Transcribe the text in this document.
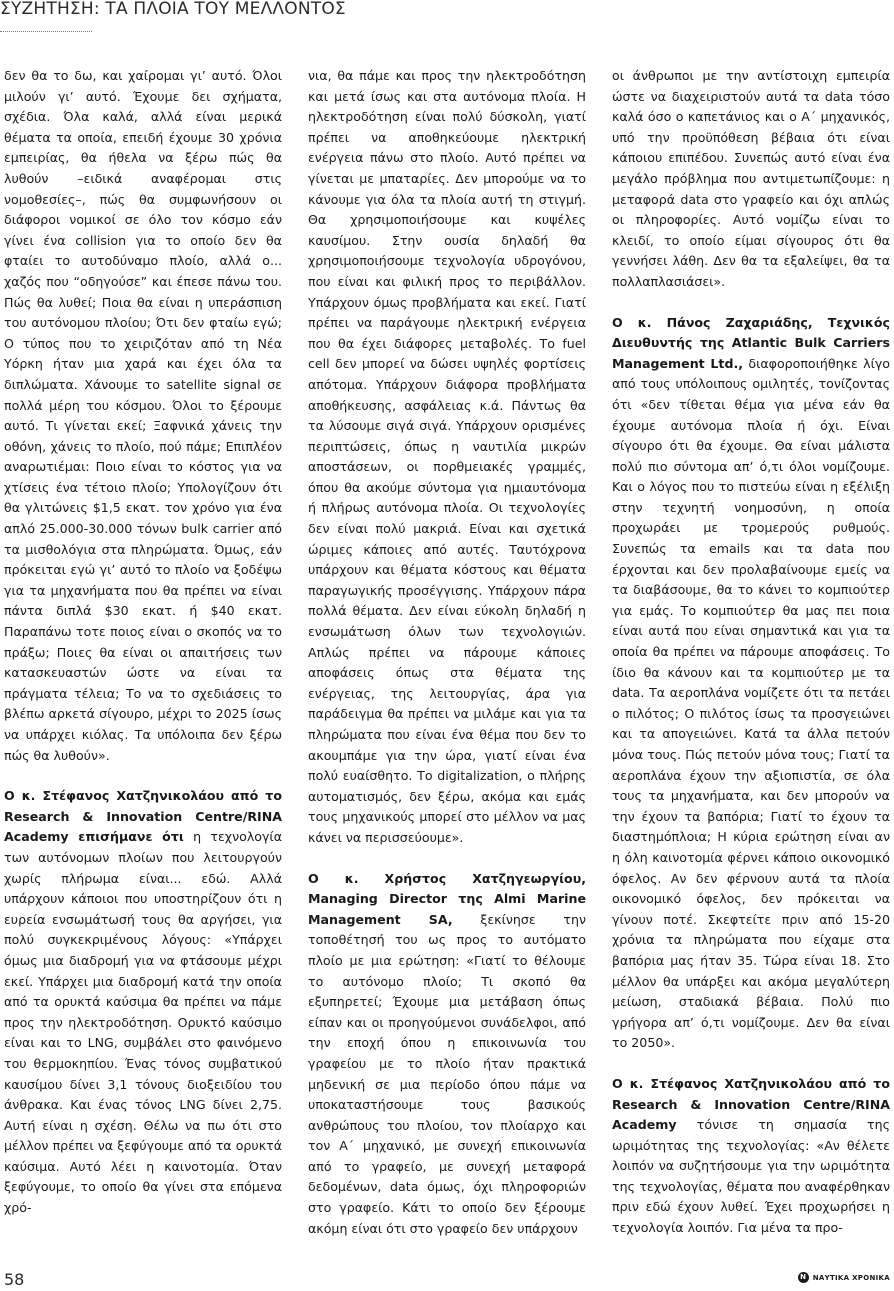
ΣΥΖΗΤΗΣΗ: ΤΑ ΠΛΟΙΑ ΤΟΥ ΜΕΛΛΟΝΤΟΣ

δεν θα το δω, και χαίρομαι γι’ αυτό. Όλοι μιλούν γι’ αυτό. Έχουμε δει σχήματα, σχέδια. Όλα καλά, αλλά είναι μερικά θέματα τα οποία, επειδή έχουμε 30 χρόνια εμπειρίας, θα ήθελα να ξέρω πώς θα λυθούν –ειδικά αναφέρομαι στις νομοθεσίες–, πώς θα συμφωνήσουν οι διάφοροι νομικοί σε όλο τον κόσμο εάν γίνει ένα collision για το οποίο δεν θα φταίει το αυτοδύναμο πλοίο, αλλά ο... χαζός που “οδηγούσε” και έπεσε πάνω του. Πώς θα λυθεί; Ποια θα είναι η υπεράσπιση του αυτόνομου πλοίου; Ότι δεν φταίω εγώ; Ο τύπος που το χειριζόταν από τη Νέα Υόρκη ήταν μια χαρά και έχει όλα τα διπλώματα. Χάνουμε το satellite signal σε πολλά μέρη του κόσμου. Όλοι το ξέρουμε αυτό. Τι γίνεται εκεί; Ξαφνικά χάνεις την οθόνη, χάνεις το πλοίο, πού πάμε; Επιπλέον αναρωτιέμαι: Ποιο είναι το κόστος για να χτίσεις ένα τέτοιο πλοίο; Υπολογίζουν ότι θα γλιτώνεις $1,5 εκατ. τον χρόνο για ένα απλό 25.000-30.000 τόνων bulk carrier από τα μισθολόγια στα πληρώματα. Όμως, εάν πρόκειται εγώ γι’ αυτό το πλοίο να ξοδέψω για τα μηχανήματα που θα πρέπει να είναι πάντα διπλά $30 εκατ. ή $40 εκατ. Παραπάνω τοτε ποιος είναι ο σκοπός να το πράξω; Ποιες θα είναι οι απαιτήσεις των κατασκευαστών ώστε να είναι τα πράγματα τέλεια; Το να το σχεδιάσεις το βλέπω αρκετά σίγουρο, μέχρι το 2025 ίσως να υπάρχει κιόλας. Τα υπόλοιπα δεν ξέρω πώς θα λυθούν».

Ο κ. Στέφανος Χατζηνικολάου από το Research & Innovation Centre/RINA Academy επισήμανε ότι η τεχνολογία των αυτόνομων πλοίων που λειτουργούν χωρίς πλήρωμα είναι... εδώ. Αλλά υπάρχουν κάποιοι που υποστηρίζουν ότι η ευρεία ενσωμάτωσή τους θα αργήσει, για πολύ συγκεκριμένους λόγους: «Υπάρχει όμως μια διαδρομή για να φτάσουμε μέχρι εκεί. Υπάρχει μια διαδρομή κατά την οποία από τα ορυκτά καύσιμα θα πρέπει να πάμε προς την ηλεκτροδότηση. Ορυκτό καύσιμο είναι και το LNG, συμβάλει στο φαινόμενο του θερμοκηπίου. Ένας τόνος συμβατικού καυσίμου δίνει 3,1 τόνους διοξειδίου του άνθρακα. Και ένας τόνος LNG δίνει 2,75. Αυτή είναι η σχέση. Θέλω να πω ότι στο μέλλον πρέπει να ξεφύγουμε από τα ορυκτά καύσιμα. Αυτό λέει η καινοτομία. Όταν ξεφύγουμε, το οποίο θα γίνει στα επόμενα χρό-

νια, θα πάμε και προς την ηλεκτροδότηση και μετά ίσως και στα αυτόνομα πλοία. Η ηλεκτροδότηση είναι πολύ δύσκολη, γιατί πρέπει να αποθηκεύουμε ηλεκτρική ενέργεια πάνω στο πλοίο. Αυτό πρέπει να γίνεται με μπαταρίες. Δεν μπορούμε να το κάνουμε για όλα τα πλοία αυτή τη στιγμή. Θα χρησιμοποιήσουμε και κυψέλες καυσίμου. Στην ουσία δηλαδή θα χρησιμοποιήσουμε τεχνολογία υδρογόνου, που είναι και φιλική προς το περιβάλλον. Υπάρχουν όμως προβλήματα και εκεί. Γιατί πρέπει να παράγουμε ηλεκτρική ενέργεια που θα έχει διάφορες μεταβολές. Το fuel cell δεν μπορεί να δώσει υψηλές φορτίσεις απότομα. Υπάρχουν διάφορα προβλήματα αποθήκευσης, ασφάλειας κ.ά. Πάντως θα τα λύσουμε σιγά σιγά. Υπάρχουν ορισμένες περιπτώσεις, όπως η ναυτιλία μικρών αποστάσεων, οι πορθμειακές γραμμές, όπου θα ακούμε σύντομα για ημιαυτόνομα ή πλήρως αυτόνομα πλοία. Οι τεχνολογίες δεν είναι πολύ μακριά. Είναι και σχετικά ώριμες κάποιες από αυτές. Ταυτόχρονα υπάρχουν και θέματα κόστους και θέματα παραγωγικής προσέγγισης. Υπάρχουν πάρα πολλά θέματα. Δεν είναι εύκολη δηλαδή η ενσωμάτωση όλων των τεχνολογιών. Απλώς πρέπει να πάρουμε κάποιες αποφάσεις όπως στα θέματα της ενέργειας, της λειτουργίας, άρα για παράδειγμα θα πρέπει να μιλάμε και για τα πληρώματα που είναι ένα θέμα που δεν το ακουμπάμε για την ώρα, γιατί είναι ένα πολύ ευαίσθητο. Το digitalization, ο πλήρης αυτοματισμός, δεν ξέρω, ακόμα και εμάς τους μηχανικούς μπορεί στο μέλλον να μας κάνει να περισσεύουμε».

Ο κ. Χρήστος Χατζηγεωργίου, Managing Director της Almi Marine Management SA, ξεκίνησε την τοποθέτησή του ως προς το αυτόματο πλοίο με μια ερώτηση: «Γιατί το θέλουμε το αυτόνομο πλοίο; Τι σκοπό θα εξυπηρετεί; Έχουμε μια μετάβαση όπως είπαν και οι προηγούμενοι συνάδελφοι, από την εποχή όπου η επικοινωνία του γραφείου με το πλοίο ήταν πρακτικά μηδενική σε μια περίοδο όπου πάμε να υποκαταστήσουμε τους βασικούς ανθρώπους του πλοίου, τον πλοίαρχο και τον Α΄ μηχανικό, με συνεχή επικοινωνία από το γραφείο, με συνεχή μεταφορά δεδομένων, data όμως, όχι πληροφοριών στο γραφείο. Κάτι το οποίο δεν ξέρουμε ακόμη είναι ότι στο γραφείο δεν υπάρχουν

οι άνθρωποι με την αντίστοιχη εμπειρία ώστε να διαχειριστούν αυτά τα data τόσο καλά όσο ο καπετάνιος και ο Α΄ μηχανικός, υπό την προϋπόθεση βέβαια ότι είναι κάποιου επιπέδου. Συνεπώς αυτό είναι ένα μεγάλο πρόβλημα που αντιμετωπίζουμε: η μεταφορά data στο γραφείο και όχι απλώς οι πληροφορίες. Αυτό νομίζω είναι το κλειδί, το οποίο είμαι σίγουρος ότι θα γεννήσει λάθη. Δεν θα τα εξαλείψει, θα τα πολλαπλασιάσει».

Ο κ. Πάνος Ζαχαριάδης, Τεχνικός Διευθυντής της Atlantic Bulk Carriers Management Ltd., διαφοροποιήθηκε λίγο από τους υπόλοιπους ομιλητές, τονίζοντας ότι «δεν τίθεται θέμα για μένα εάν θα έχουμε αυτόνομα πλοία ή όχι. Είναι σίγουρο ότι θα έχουμε. Θα είναι μάλιστα πολύ πιο σύντομα απ’ ό,τι όλοι νομίζουμε. Και ο λόγος που το πιστεύω είναι η εξέλιξη στην τεχνητή νοημοσύνη, η οποία προχωράει με τρομερούς ρυθμούς. Συνεπώς τα emails και τα data που έρχονται και δεν προλαβαίνουμε εμείς να τα διαβάσουμε, θα το κάνει το κομπιούτερ για εμάς. Το κομπιούτερ θα μας πει ποια είναι αυτά που είναι σημαντικά και για τα οποία θα πρέπει να πάρουμε αποφάσεις. Το ίδιο θα κάνουν και τα κομπιούτερ με τα data. Τα αεροπλάνα νομίζετε ότι τα πετάει ο πιλότος; Ο πιλότος ίσως τα προσγειώνει και τα απογειώνει. Κατά τα άλλα πετούν μόνα τους. Πώς πετούν μόνα τους; Γιατί τα αεροπλάνα έχουν την αξιοπιστία, σε όλα τους τα μηχανήματα, και δεν μπορούν να την έχουν τα βαπόρια; Γιατί το έχουν τα διαστημόπλοια; Η κύρια ερώτηση είναι αν η όλη καινοτομία φέρνει κάποιο οικονομικό όφελος. Αν δεν φέρνουν αυτά τα πλοία οικονομικό όφελος, δεν πρόκειται να γίνουν ποτέ. Σκεφτείτε πριν από 15-20 χρόνια τα πληρώματα που είχαμε στα βαπόρια μας ήταν 35. Τώρα είναι 18. Στο μέλλον θα υπάρξει και ακόμα μεγαλύτερη μείωση, σταδιακά βέβαια. Πολύ πιο γρήγορα απ’ ό,τι νομίζουμε. Δεν θα είναι το 2050».

Ο κ. Στέφανος Χατζηνικολάου από το Research & Innovation Centre/RINA Academy τόνισε τη σημασία της ωριμότητας της τεχνολογίας: «Αν θέλετε λοιπόν να συζητήσουμε για την ωριμότητα της τεχνολογίας, θέματα που αναφέρθηκαν πριν εδώ έχουν λυθεί. Έχει προχωρήσει η τεχνολογία λοιπόν. Για μένα τα προ-

58	N ΝΑΥΤΙΚΑ ΧΡΟΝΙΚΑ
